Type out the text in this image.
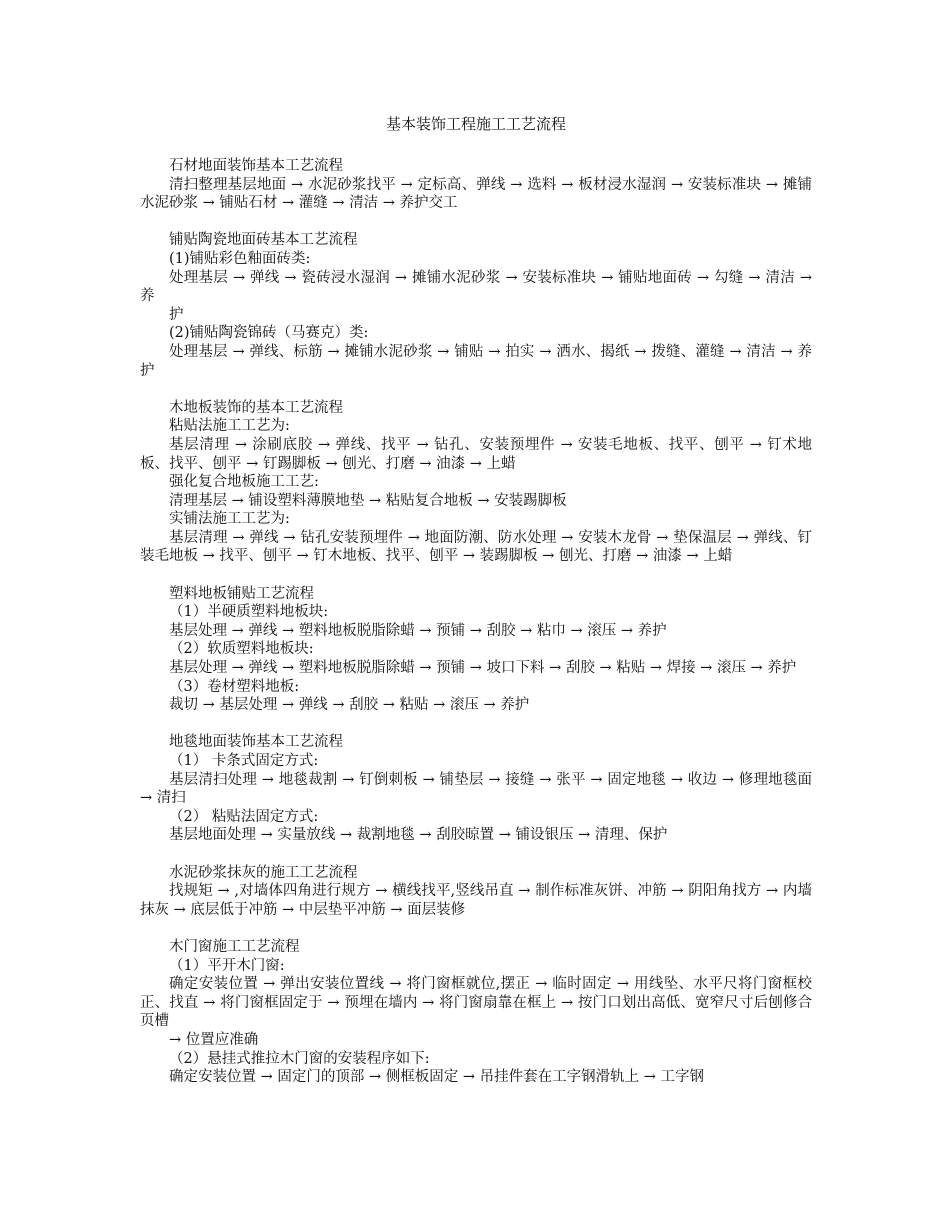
基本装饰工程施工工艺流程

石材地面装饰基本工艺流程

清扫整理基层地面 → 水泥砂浆找平 → 定标高、弹线 → 选料 → 板材浸水湿润 → 安装标准块 → 摊铺水泥砂浆 → 铺贴石材 → 灌缝 → 清洁 → 养护交工

铺贴陶瓷地面砖基本工艺流程

(1)铺贴彩色釉面砖类:

处理基层 → 弹线 → 瓷砖浸水湿润 → 摊铺水泥砂浆 → 安装标准块 → 铺贴地面砖 → 勾缝 → 清洁 → 养

护

(2)铺贴陶瓷锦砖（马赛克）类:

处理基层 → 弹线、标筋 → 摊铺水泥砂浆 → 铺贴 → 拍实 → 洒水、揭纸 → 拨缝、灌缝 → 清洁 → 养护

木地板装饰的基本工艺流程

粘贴法施工工艺为:

基层清理 → 涂刷底胶 → 弹线、找平 → 钻孔、安装预埋件 → 安装毛地板、找平、刨平 → 钉术地板、找平、刨平 → 钉踢脚板 → 刨光、打磨 → 油漆 → 上蜡

强化复合地板施工工艺:

清理基层 → 铺设塑料薄膜地垫 → 粘贴复合地板 → 安装踢脚板

实铺法施工工艺为:

基层清理 → 弹线 → 钻孔安装预埋件 → 地面防潮、防水处理 → 安装木龙骨 → 垫保温层 → 弹线、钉装毛地板 → 找平、刨平 → 钉木地板、找平、刨平 → 装踢脚板 → 刨光、打磨 → 油漆 → 上蜡

塑料地板铺贴工艺流程

（1）半硬质塑料地板块:

基层处理 → 弹线 → 塑料地板脱脂除蜡 → 预铺 → 刮胶 → 粘巾 → 滚压 → 养护

（2）软质塑料地板块:

基层处理 → 弹线 → 塑料地板脱脂除蜡 → 预铺 → 坡口下料 → 刮胶 → 粘贴 → 焊接 → 滚压 → 养护

（3）卷材塑料地板:

裁切 → 基层处理 → 弹线 → 刮胶 → 粘贴 → 滚压 → 养护

地毯地面装饰基本工艺流程

（1） 卡条式固定方式:

基层清扫处理 → 地毯裁割 → 钉倒刺板 → 铺垫层 → 接缝 → 张平 → 固定地毯 → 收边 → 修理地毯面 → 清扫

（2） 粘贴法固定方式:

基层地面处理 → 实量放线 → 裁割地毯 → 刮胶晾置 → 铺设银压 → 清理、保护

水泥砂浆抹灰的施工工艺流程

找规矩 → ,对墙体四角进行规方 → 横线找平,竖线吊直 → 制作标准灰饼、冲筋 → 阴阳角找方 → 内墙抹灰 → 底层低于冲筋 → 中层垫平冲筋 → 面层装修

木门窗施工工艺流程

（1）平开木门窗:

确定安装位置 → 弹出安装位置线 → 将门窗框就位,摆正 → 临时固定 → 用线坠、水平尺将门窗框校正、找直 → 将门窗框固定于 → 预埋在墙内 → 将门窗扇靠在框上 → 按门口划出高低、宽窄尺寸后刨修合页槽

→ 位置应准确

（2）悬挂式推拉木门窗的安装程序如下:

确定安装位置 → 固定门的顶部 → 侧框板固定 → 吊挂件套在工字钢滑轨上 → 工字钢
